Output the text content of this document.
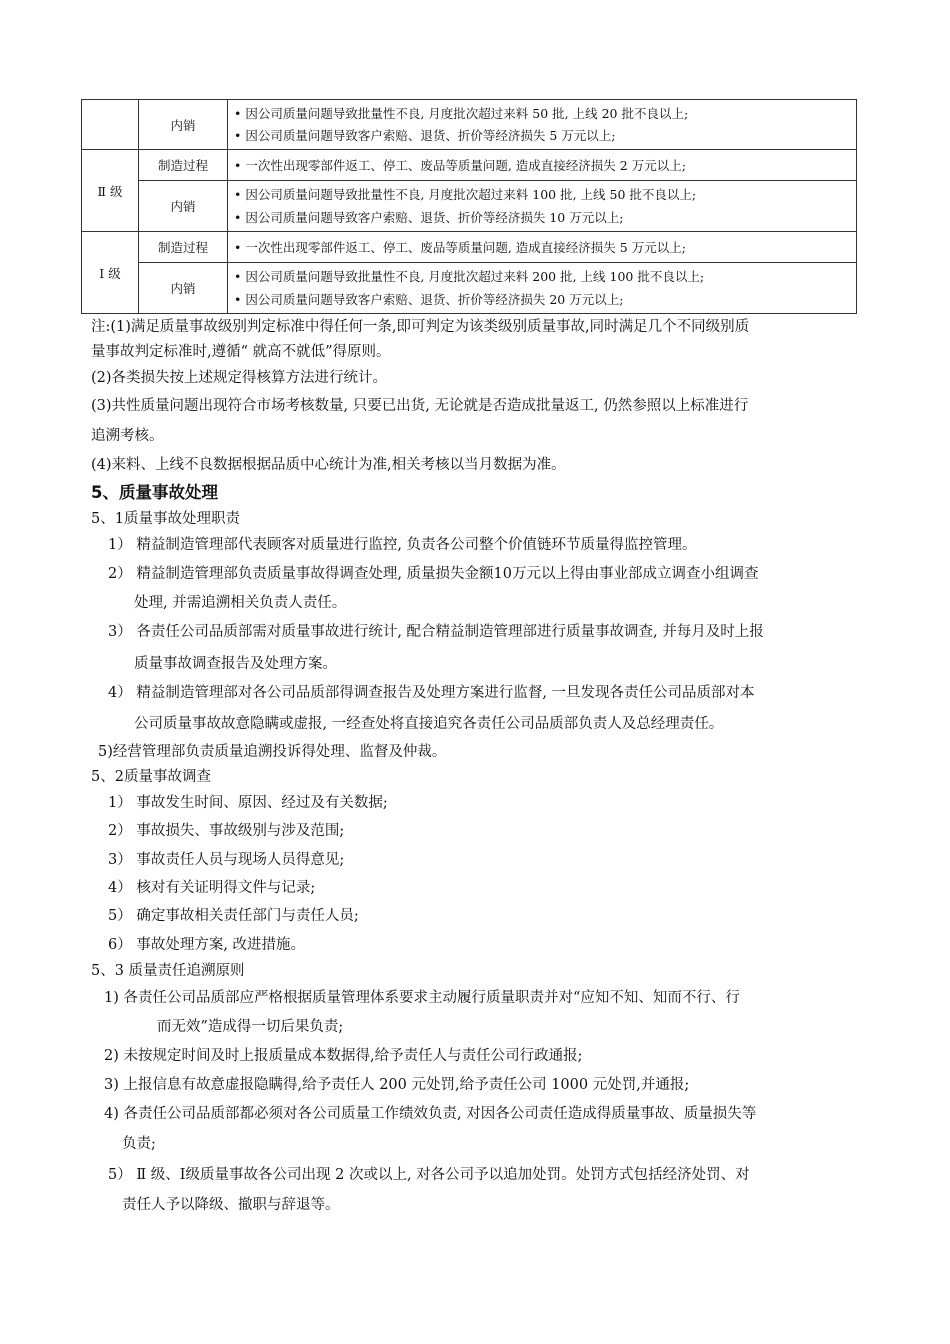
	内销	• 因公司质量问题导致批量性不良, 月度批次超过来料 50 批, 上线 20 批不良以上;
• 因公司质量问题导致客户索赔、退货、折价等经济损失 5 万元以上;

Ⅱ 级	制造过程	• 一次性出现零部件返工、停工、废品等质量问题, 造成直接经济损失 2 万元以上;

	内销	• 因公司质量问题导致批量性不良, 月度批次超过来料 100 批, 上线 50 批不良以上;
• 因公司质量问题导致客户索赔、退货、折价等经济损失 10 万元以上;

Ⅰ 级	制造过程	• 一次性出现零部件返工、停工、废品等质量问题, 造成直接经济损失 5 万元以上;

	内销	• 因公司质量问题导致批量性不良, 月度批次超过来料 200 批, 上线 100 批不良以上;
• 因公司质量问题导致客户索赔、退货、折价等经济损失 20 万元以上;
注:(1)满足质量事故级别判定标准中得任何一条,即可判定为该类级别质量事故,同时满足几个不同级别质
量事故判定标准时,遵循“ 就高不就低”得原则。
(2)各类损失按上述规定得核算方法进行统计。
(3)共性质量问题出现符合市场考核数量, 只要已出货, 无论就是否造成批量返工, 仍然参照以上标准进行
追溯考核。
(4)来料、上线不良数据根据品质中心统计为准,相关考核以当月数据为准。
5、质量事故处理
5、1质量事故处理职责
1） 精益制造管理部代表顾客对质量进行监控, 负责各公司整个价值链环节质量得监控管理。
2） 精益制造管理部负责质量事故得调查处理, 质量损失金额10万元以上得由事业部成立调查小组调查
处理, 并需追溯相关负责人责任。
3） 各责任公司品质部需对质量事故进行统计, 配合精益制造管理部进行质量事故调查, 并每月及时上报
质量事故调查报告及处理方案。
4） 精益制造管理部对各公司品质部得调查报告及处理方案进行监督, 一旦发现各责任公司品质部对本
公司质量事故故意隐瞒或虚报, 一经查处将直接追究各责任公司品质部负责人及总经理责任。
5)经营管理部负责质量追溯投诉得处理、监督及仲裁。
5、2质量事故调查
1） 事故发生时间、原因、经过及有关数据;
2） 事故损失、事故级别与涉及范围;
3） 事故责任人员与现场人员得意见;
4） 核对有关证明得文件与记录;
5） 确定事故相关责任部门与责任人员;
6） 事故处理方案, 改进措施。
5、3 质量责任追溯原则
1) 各责任公司品质部应严格根据质量管理体系要求主动履行质量职责并对“应知不知、知而不行、行
而无效”造成得一切后果负责;
2) 未按规定时间及时上报质量成本数据得,给予责任人与责任公司行政通报;
3) 上报信息有故意虚报隐瞒得,给予责任人 200 元处罚,给予责任公司 1000 元处罚,并通报;
4) 各责任公司品质部都必须对各公司质量工作绩效负责, 对因各公司责任造成得质量事故、质量损失等
负责;
5） Ⅱ 级、Ⅰ级质量事故各公司出现 2 次或以上, 对各公司予以追加处罚。处罚方式包括经济处罚、对
责任人予以降级、撤职与辞退等。
